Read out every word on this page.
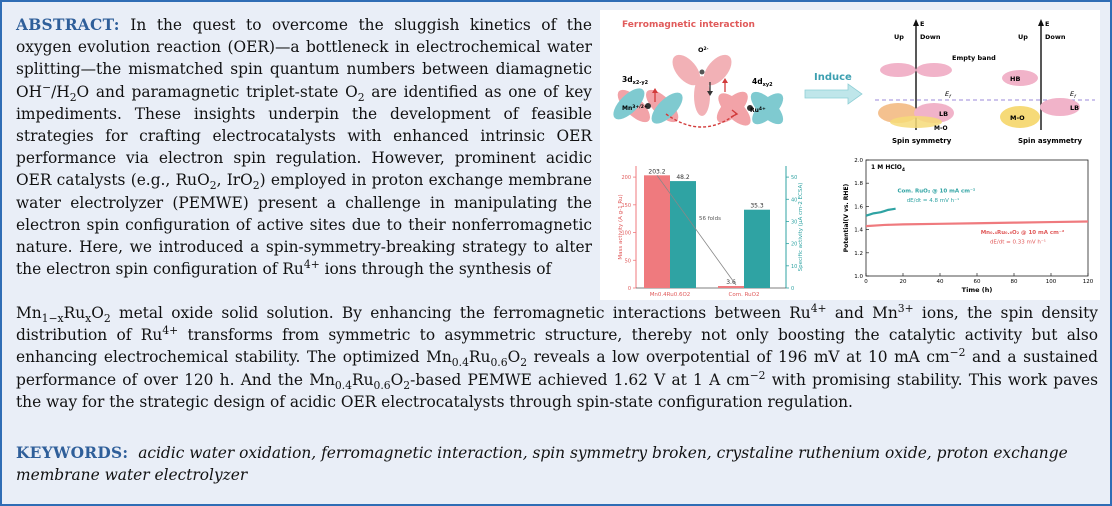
ABSTRACT: In the quest to overcome the sluggish kinetics of the oxygen evolution reaction (OER)—a bottleneck in electrochemical water splitting—the mismatched spin quantum numbers between diamagnetic $OH^-/H_2O$ and paramagnetic triplet-state $O_2$ are identified as one of key impediments. These insights underpin the development of feasible strategies for crafting electrocatalysts with enhanced intrinsic OER performance via electron spin regulation. However, prominent acidic OER catalysts (e.g., RuO$_2$, IrO$_2$) employed in proton exchange membrane water electrolyzer (PEMWE) present a challenge in manipulating the electron spin configuration of active sites due to their nonferromagnetic nature. Here, we introduced a spin-symmetry-breaking strategy to alter the electron spin configuration of $Ru^{4+}$ ions through the synthesis of
$Mn_{1-x}Ru_xO_2$ metal oxide solid solution. By enhancing the ferromagnetic interactions between $Ru^{4+}$ and $Mn^{3+}$ ions, the spin density distribution of $Ru^{4+}$ transforms from symmetric to asymmetric structure, thereby not only boosting the catalytic activity but also enhancing electrochemical stability. The optimized $Mn_{0.4}Ru_{0.6}O_2$ reveals a low overpotential of 196 mV at 10 mA $cm^{-2}$ and a sustained performance of over 120 h. And the $Mn_{0.4}Ru_{0.6}O_2$-based PEMWE achieved 1.62 V at 1 A $cm^{-2}$ with promising stability. This work paves the way for the strategic design of acidic OER electrocatalysts through spin-state configuration regulation.
KEYWORDS: acidic water oxidation, ferromagnetic interaction, spin symmetry broken, crystaline ruthenium oxide, proton exchange membrane water electrolyzer
Ferromagnetic interaction
$3d_{x2-y2}$
$Mn^{3+/2+}$
$O^{2-}$
$4d_{xy2}$
$Ru^{4+}$
Induce
E
Up Down
Empty band
$E_f$
LB
M-O
Spin symmetry
E
Up	Down
HB
$E_f$
LB
M-O
Spin asymmetry
0
50
100
150
200
0
10
20
30
40
50
Mass activity (A g-1 Ru)	Specific activity (μA cm-2 ECSA)
203.2
48.2
Mn0.4Ru0.6O2
3.6
35.3
Com. RuO2
56 folds
0	20	40	60	80	100	120
1.0
1.2
1.4
1.6
1.8
2.0
Time (h)
Potential(V vs. RHE)
1 M HClO$_4$
Com. RuO₂ @ 10 mA cm⁻²
dE/dt = 4.8 mV h⁻¹
Mn₀.₄Ru₀.₆O₂ @ 10 mA cm⁻²
dE/dt = 0.33 mV h⁻¹
